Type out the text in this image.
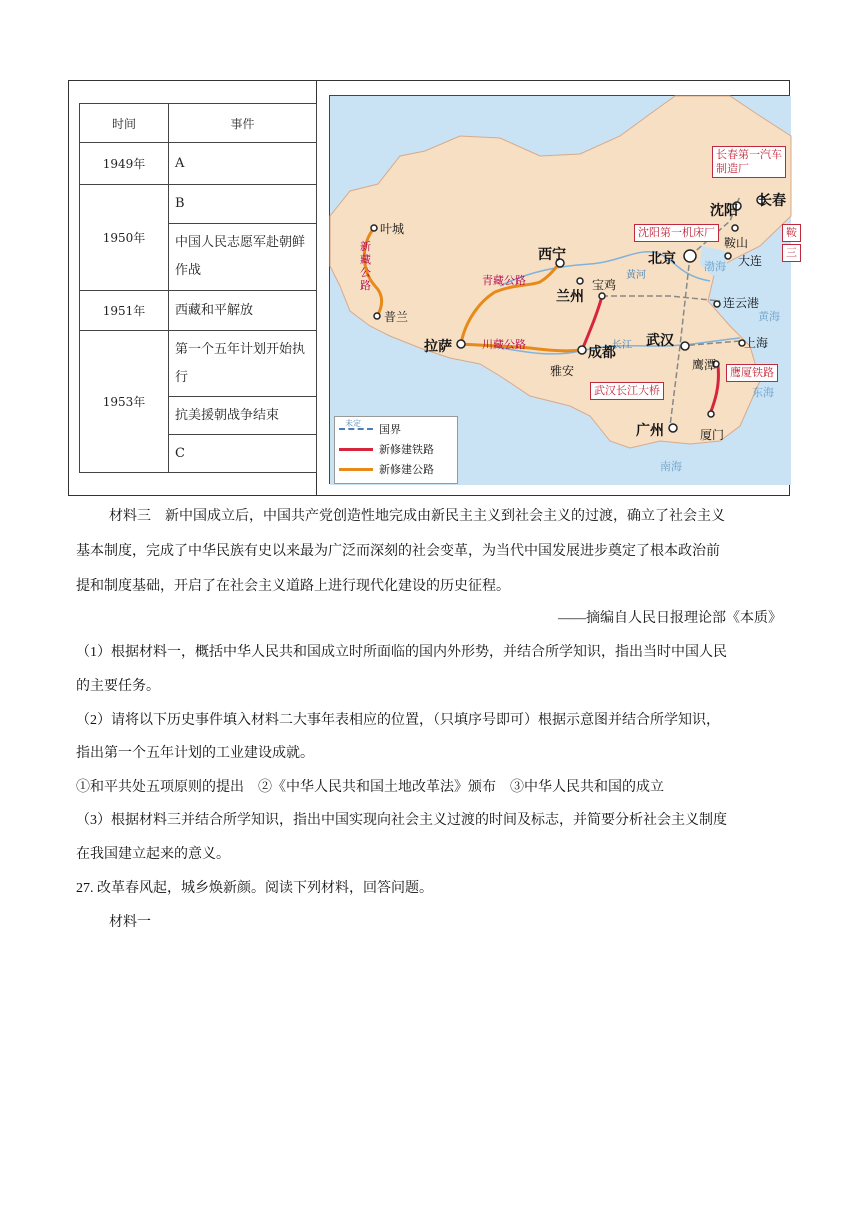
时间	事件
1949年	A
1950年	B
	中国人民志愿军赴朝鲜作战
1951年	西藏和平解放
1953年	第一个五年计划开始执行
	抗美援朝战争结束
	C
叶城
普兰
拉萨
西宁
兰州
宝鸡
成都
雅安
北京
沈阳
长春
鞍山
大连
连云港
上海
武汉
鹰潭
广州	厦门
新藏公路	青藏公路
川藏公路
渤海
黄海
东海
南海
黄河
长江
长春第一汽车
制造厂
沈阳第一机床厂	鞍
三
武汉长江大桥
鹰厦铁路
未定 国界
新修建铁路
新修建公路
材料三　新中国成立后，中国共产党创造性地完成由新民主主义到社会主义的过渡，确立了社会主义
基本制度，完成了中华民族有史以来最为广泛而深刻的社会变革，为当代中国发展进步奠定了根本政治前
提和制度基础，开启了在社会主义道路上进行现代化建设的历史征程。
——摘编自人民日报理论部《本质》
（1）根据材料一，概括中华人民共和国成立时所面临的国内外形势，并结合所学知识，指出当时中国人民
的主要任务。
（2）请将以下历史事件填入材料二大事年表相应的位置，（只填序号即可）根据示意图并结合所学知识，
指出第一个五年计划的工业建设成就。
①和平共处五项原则的提出　②《中华人民共和国土地改革法》颁布　③中华人民共和国的成立
（3）根据材料三并结合所学知识，指出中国实现向社会主义过渡的时间及标志，并简要分析社会主义制度
在我国建立起来的意义。
27. 改革春风起，城乡焕新颜。阅读下列材料，回答问题。
材料一
